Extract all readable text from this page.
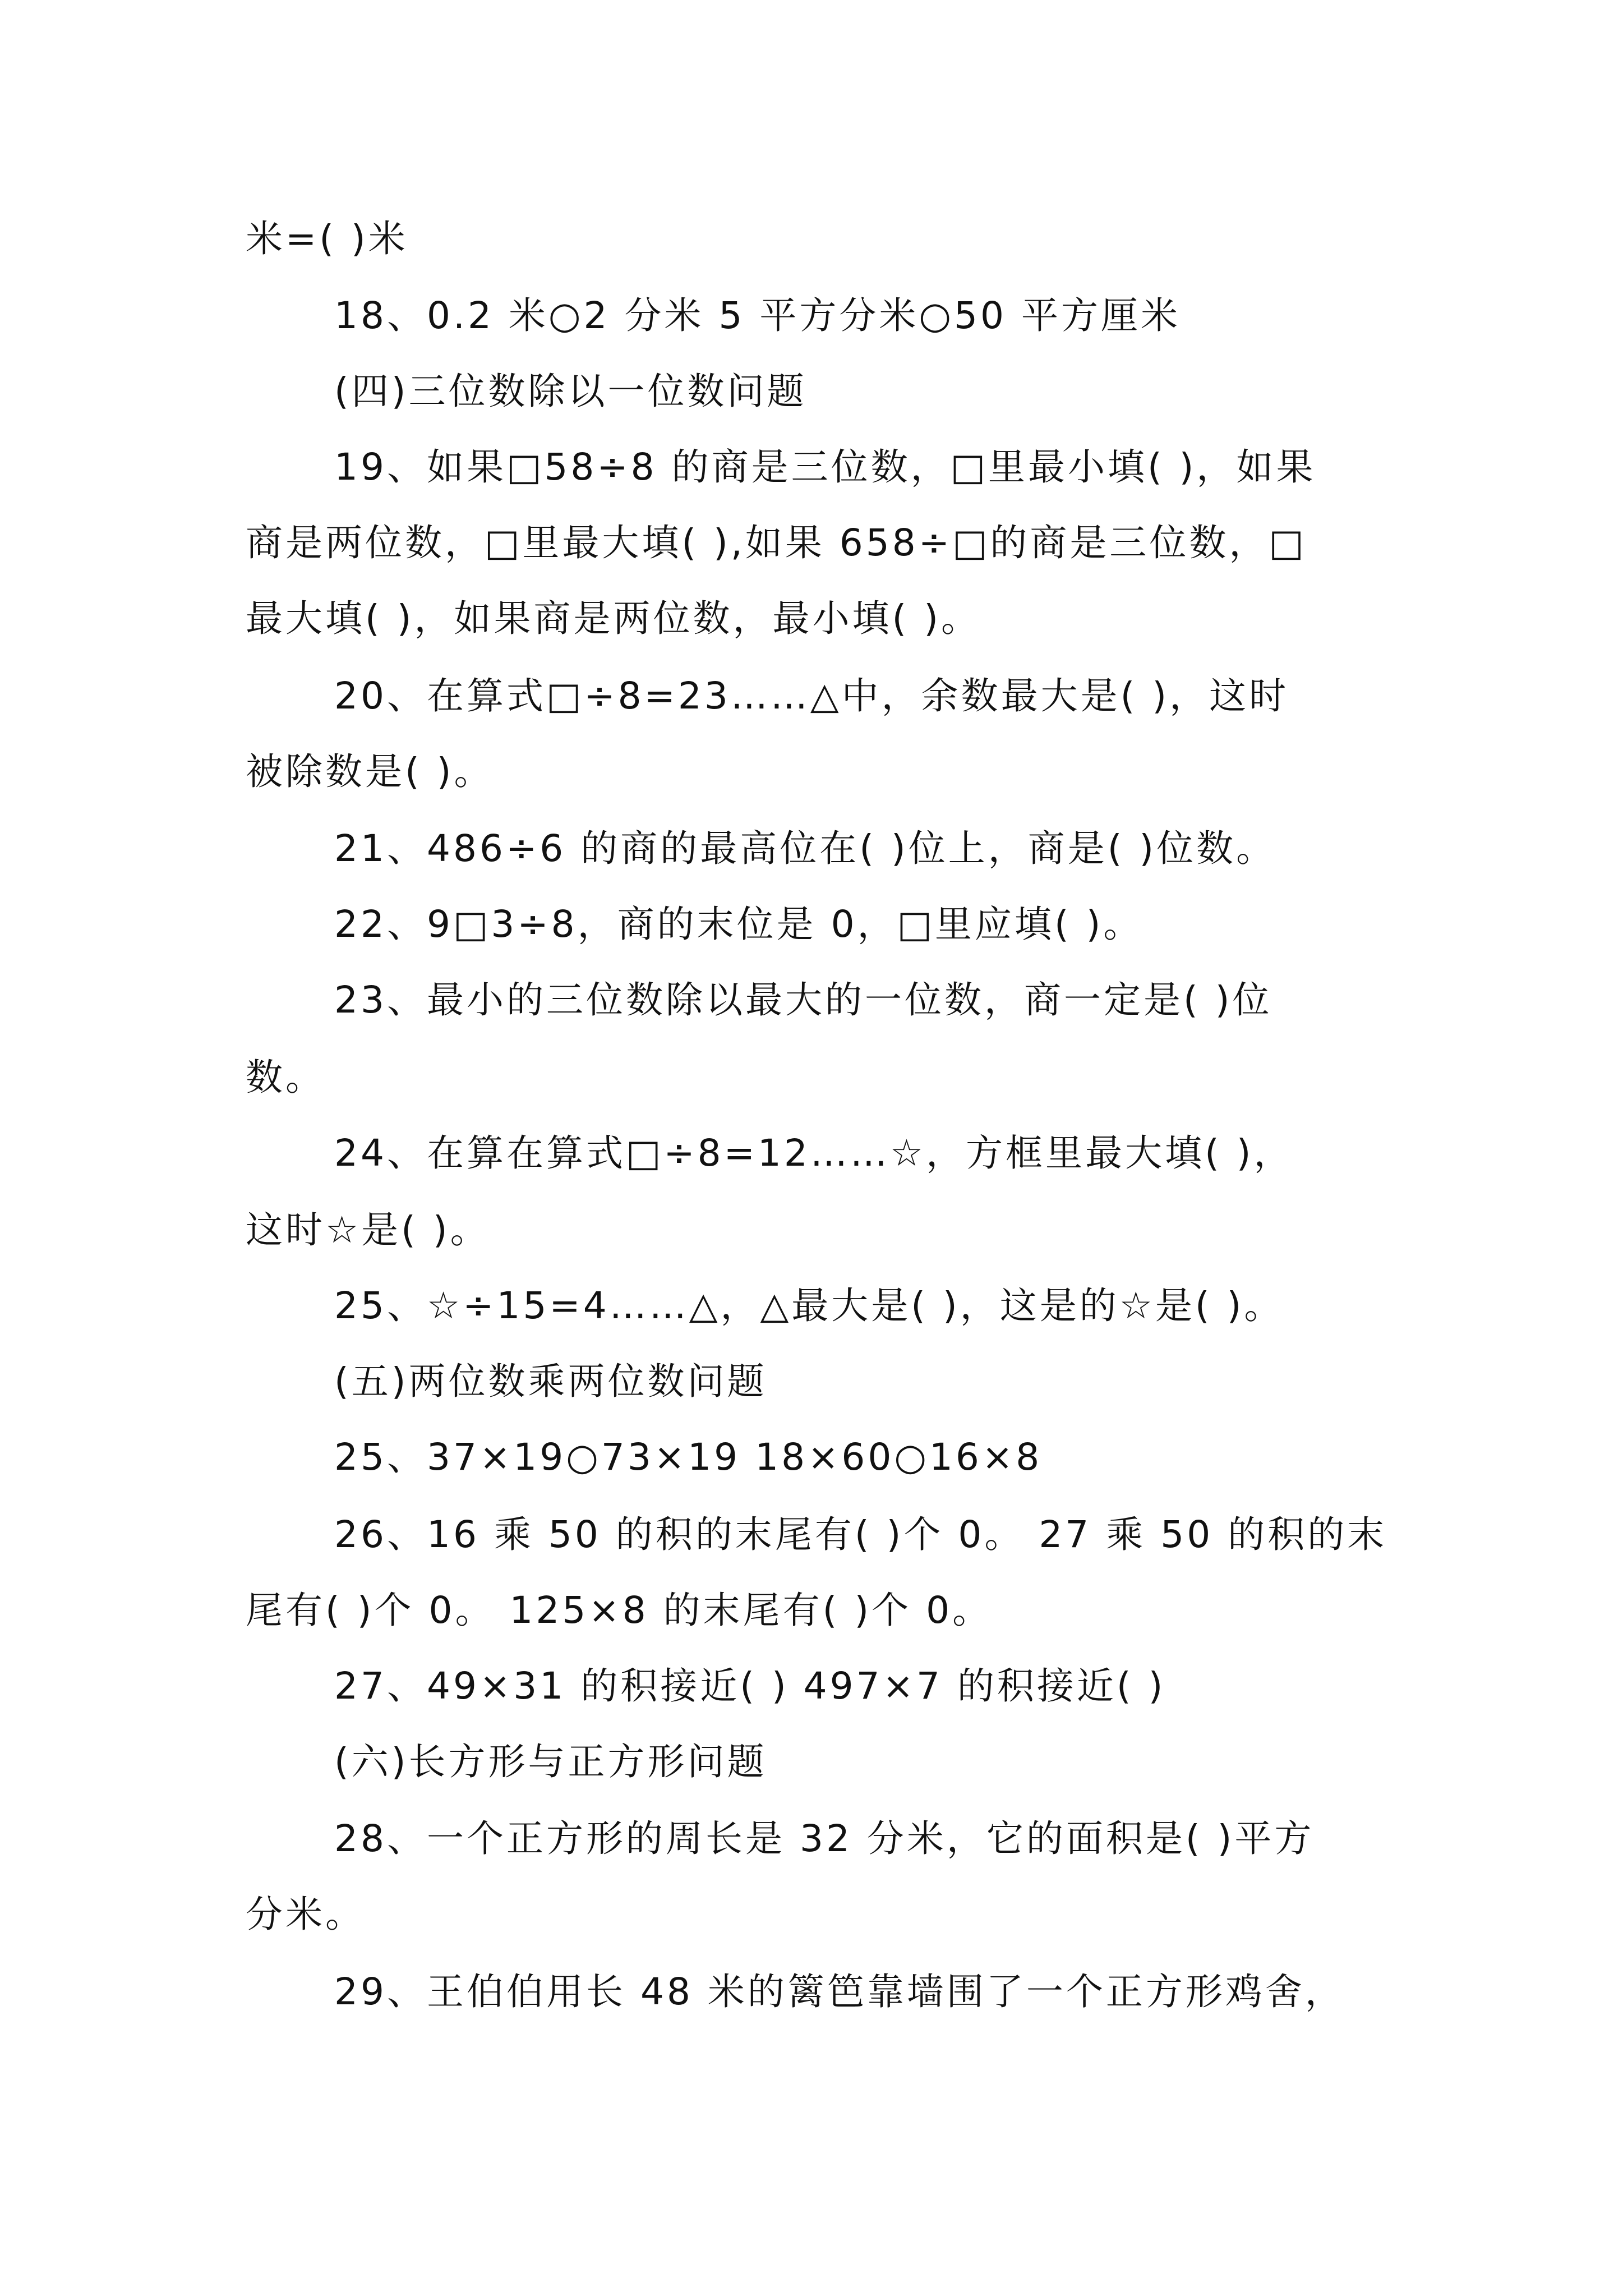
米=( )米

18、0.2 米○2 分米 5 平方分米○50 平方厘米

(四)三位数除以一位数问题

19、如果□58÷8 的商是三位数，□里最小填( )，如果

商是两位数，□里最大填( ),如果 658÷□的商是三位数，□

最大填( )，如果商是两位数，最小填( )。

20、在算式□÷8=23……△中，余数最大是( )，这时

被除数是( )。

21、486÷6 的商的最高位在( )位上，商是( )位数。

22、9□3÷8，商的末位是 0，□里应填( )。

23、最小的三位数除以最大的一位数，商一定是( )位

数。

24、在算在算式□÷8=12……☆，方框里最大填( )，

这时☆是( )。

25、☆÷15=4……△，△最大是( )，这是的☆是( )。

(五)两位数乘两位数问题

25、37×19○73×19 18×60○16×8

26、16 乘 50 的积的末尾有( )个 0。 27 乘 50 的积的末

尾有( )个 0。 125×8 的末尾有( )个 0。

27、49×31 的积接近( ) 497×7 的积接近( )

(六)长方形与正方形问题

28、一个正方形的周长是 32 分米，它的面积是( )平方

分米。

29、王伯伯用长 48 米的篱笆靠墙围了一个正方形鸡舍，
